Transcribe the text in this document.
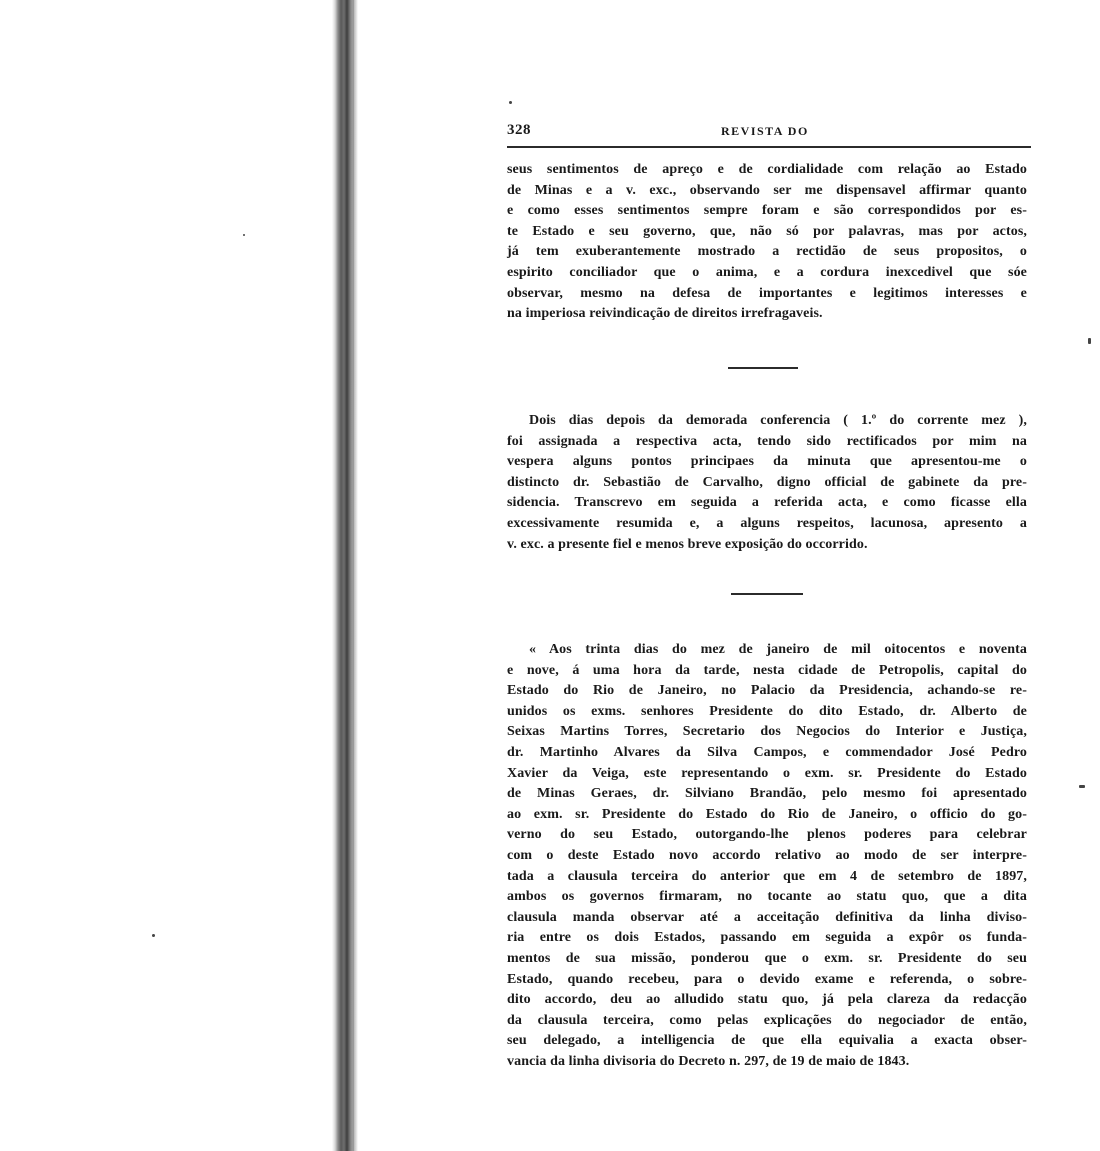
328	REVISTA DO
seus sentimentos de apreço e de cordialidade com relação ao Estado
de Minas e a v. exc., observando ser me dispensavel affirmar quanto
e como esses sentimentos sempre foram e são correspondidos por es-
te Estado e seu governo, que, não só por palavras, mas por actos,
já tem exuberantemente mostrado a rectidão de seus propositos, o
espirito conciliador que o anima, e a cordura inexcedivel que sóe
observar, mesmo na defesa de importantes e legitimos interesses e
na imperiosa reivindicação de direitos irrefragaveis.
Dois dias depois da demorada conferencia ( 1.º do corrente mez ),
foi assignada a respectiva acta, tendo sido rectificados por mim na
vespera alguns pontos principaes da minuta que apresentou-me o
distincto dr. Sebastião de Carvalho, digno official de gabinete da pre-
sidencia. Transcrevo em seguida a referida acta, e como ficasse ella
excessivamente resumida e, a alguns respeitos, lacunosa, apresento a
v. exc. a presente fiel e menos breve exposição do occorrido.
« Aos trinta dias do mez de janeiro de mil oitocentos e noventa
e nove, á uma hora da tarde, nesta cidade de Petropolis, capital do
Estado do Rio de Janeiro, no Palacio da Presidencia, achando-se re-
unidos os exms. senhores Presidente do dito Estado, dr. Alberto de
Seixas Martins Torres, Secretario dos Negocios do Interior e Justiça,
dr. Martinho Alvares da Silva Campos, e commendador José Pedro
Xavier da Veiga, este representando o exm. sr. Presidente do Estado
de Minas Geraes, dr. Silviano Brandão, pelo mesmo foi apresentado
ao exm. sr. Presidente do Estado do Rio de Janeiro, o officio do go-
verno do seu Estado, outorgando-lhe plenos poderes para celebrar
com o deste Estado novo accordo relativo ao modo de ser interpre-
tada a clausula terceira do anterior que em 4 de setembro de 1897,
ambos os governos firmaram, no tocante ao statu quo, que a dita
clausula manda observar até a acceitação definitiva da linha diviso-
ria entre os dois Estados, passando em seguida a expôr os funda-
mentos de sua missão, ponderou que o exm. sr. Presidente do seu
Estado, quando recebeu, para o devido exame e referenda, o sobre-
dito accordo, deu ao alludido statu quo, já pela clareza da redacção
da clausula terceira, como pelas explicações do negociador de então,
seu delegado, a intelligencia de que ella equivalia a exacta obser-
vancia da linha divisoria do Decreto n. 297, de 19 de maio de 1843.
